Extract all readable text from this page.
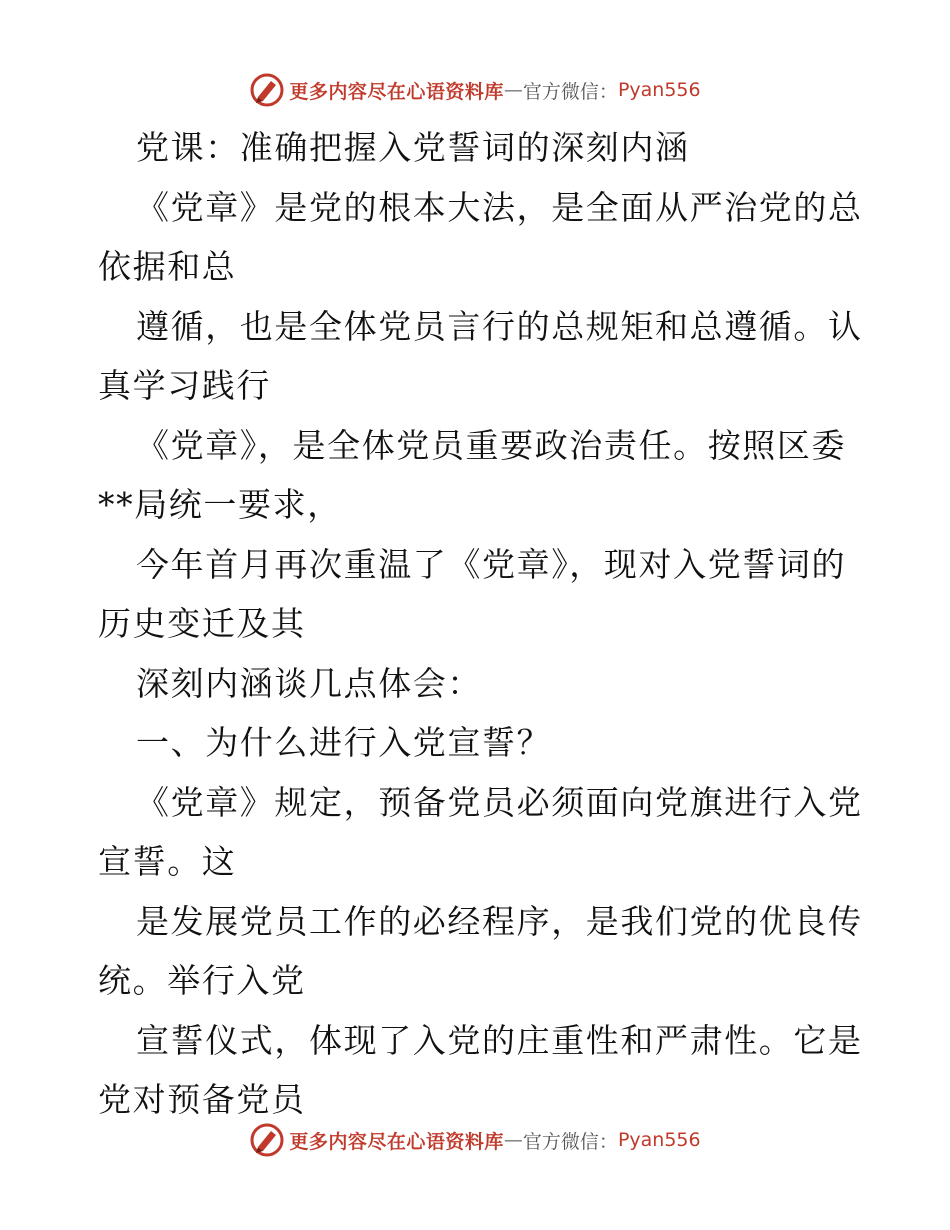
更多内容尽在心语资料库 — 官方微信： Pyan556
党课：准确把握入党誓词的深刻内涵
《党章》是党的根本大法，是全面从严治党的总
依据和总
遵循，也是全体党员言行的总规矩和总遵循。认
真学习践行
《党章》，是全体党员重要政治责任。按照区委
**局统一要求，
今年首月再次重温了《党章》，现对入党誓词的
历史变迁及其
深刻内涵谈几点体会：
一、为什么进行入党宣誓？
《党章》规定，预备党员必须面向党旗进行入党
宣誓。这
是发展党员工作的必经程序，是我们党的优良传
统。举行入党
宣誓仪式，体现了入党的庄重性和严肃性。它是
党对预备党员
更多内容尽在心语资料库 — 官方微信： Pyan556
